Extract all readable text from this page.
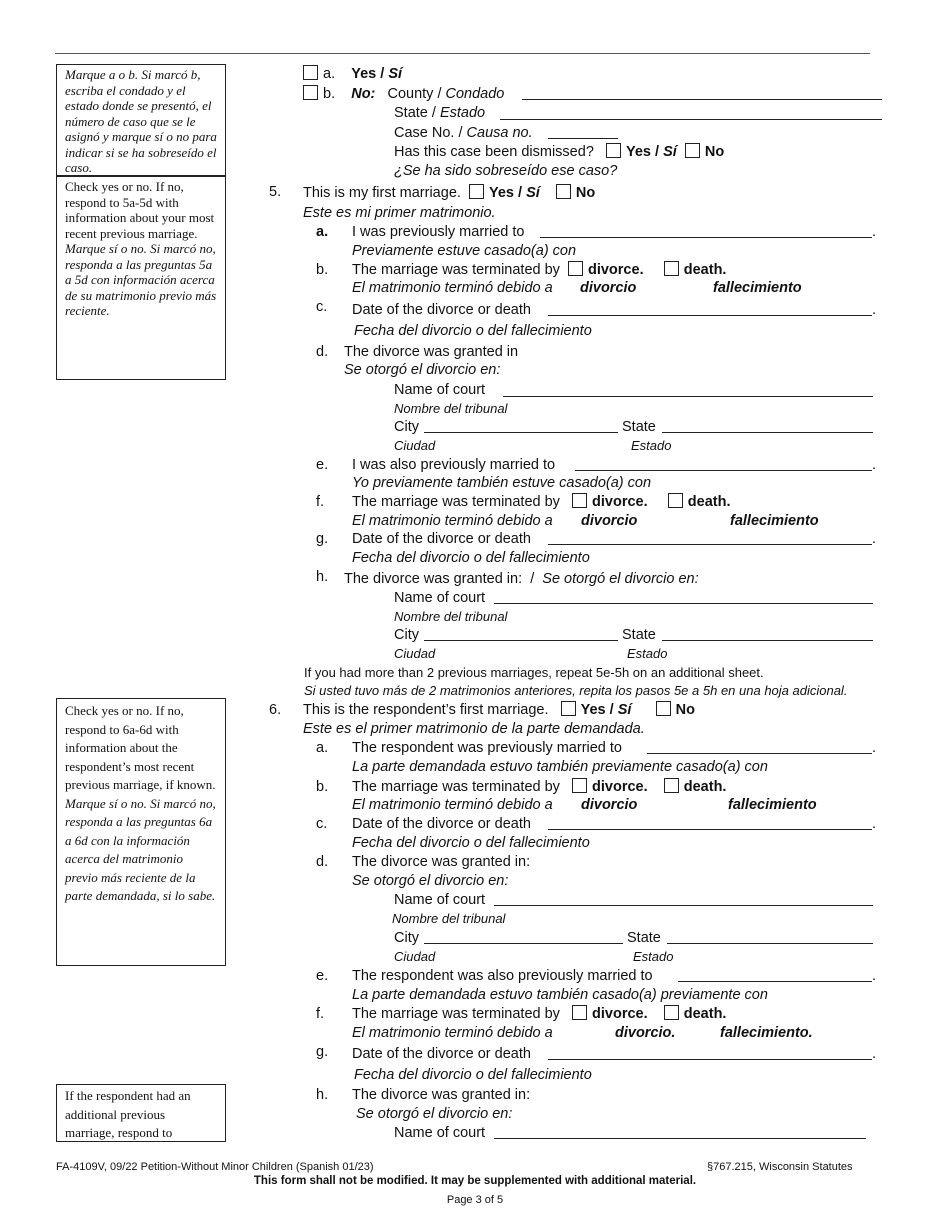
Marque a o b. Si marcó b, escriba el condado y el estado donde se presentó, el número de caso que se le asignó y marque sí o no para indicar si se ha sobreseído el caso.
Check yes or no. If no, respond to 5a-5d with information about your most recent previous marriage.
Marque sí o no. Si marcó no, responda a las preguntas 5a a 5d con información acerca de su matrimonio previo más reciente.
Check yes or no. If no, respond to 6a-6d with information about the respondent’s most recent previous marriage, if known.
Marque sí o no. Si marcó no, responda a las preguntas 6a a 6d con la información acerca del matrimonio previo más reciente de la parte demandada, si lo sabe.
If the respondent had an additional previous marriage, respond to
a. Yes / Sí
b. No: County / Condado
State / Estado
Case No. / Causa no.
Has this case been dismissed? Yes / Sí No
¿Se ha sido sobreseído ese caso?
5. This is my first marriage. Yes / Sí No
Este es mi primer matrimonio.
a. I was previously married to	.
Previamente estuve casado(a) con
b. The marriage was terminated by divorce.	death.
El matrimonio terminó debido a divorcio	fallecimiento
c. Date of the divorce or death	.
Fecha del divorcio o del fallecimiento
d. The divorce was granted in
Se otorgó el divorcio en:
Name of court
Nombre del tribunal
City	State
Ciudad	Estado
e. I was also previously married to	.
Yo previamente también estuve casado(a) con
f. The marriage was terminated by divorce.	death.
El matrimonio terminó debido a divorcio	fallecimiento
g. Date of the divorce or death	.
Fecha del divorcio o del fallecimiento
h. The divorce was granted in: / Se otorgó el divorcio en:
Name of court
Nombre del tribunal
City	State
Ciudad	Estado
If you had more than 2 previous marriages, repeat 5e-5h on an additional sheet.
Si usted tuvo más de 2 matrimonios anteriores, repita los pasos 5e a 5h en una hoja adicional.
6. This is the respondent’s first marriage. Yes / Sí	No
Este es el primer matrimonio de la parte demandada.
a. The respondent was previously married to	.
La parte demandada estuvo también previamente casado(a) con
b. The marriage was terminated by divorce. death.
El matrimonio terminó debido a divorcio	fallecimiento
c. Date of the divorce or death	.
Fecha del divorcio o del fallecimiento
d. The divorce was granted in:
Se otorgó el divorcio en:
Name of court
Nombre del tribunal
City	State
Ciudad	Estado
e. The respondent was also previously married to	.
La parte demandada estuvo también casado(a) previamente con
f. The marriage was terminated by divorce. death.
El matrimonio terminó debido a	divorcio.	fallecimiento.
g. Date of the divorce or death	.
Fecha del divorcio o del fallecimiento
h. The divorce was granted in:
Se otorgó el divorcio en:
Name of court
FA-4109V, 09/22 Petition-Without Minor Children (Spanish 01/23)	§767.215, Wisconsin Statutes
This form shall not be modified. It may be supplemented with additional material.
Page 3 of 5
